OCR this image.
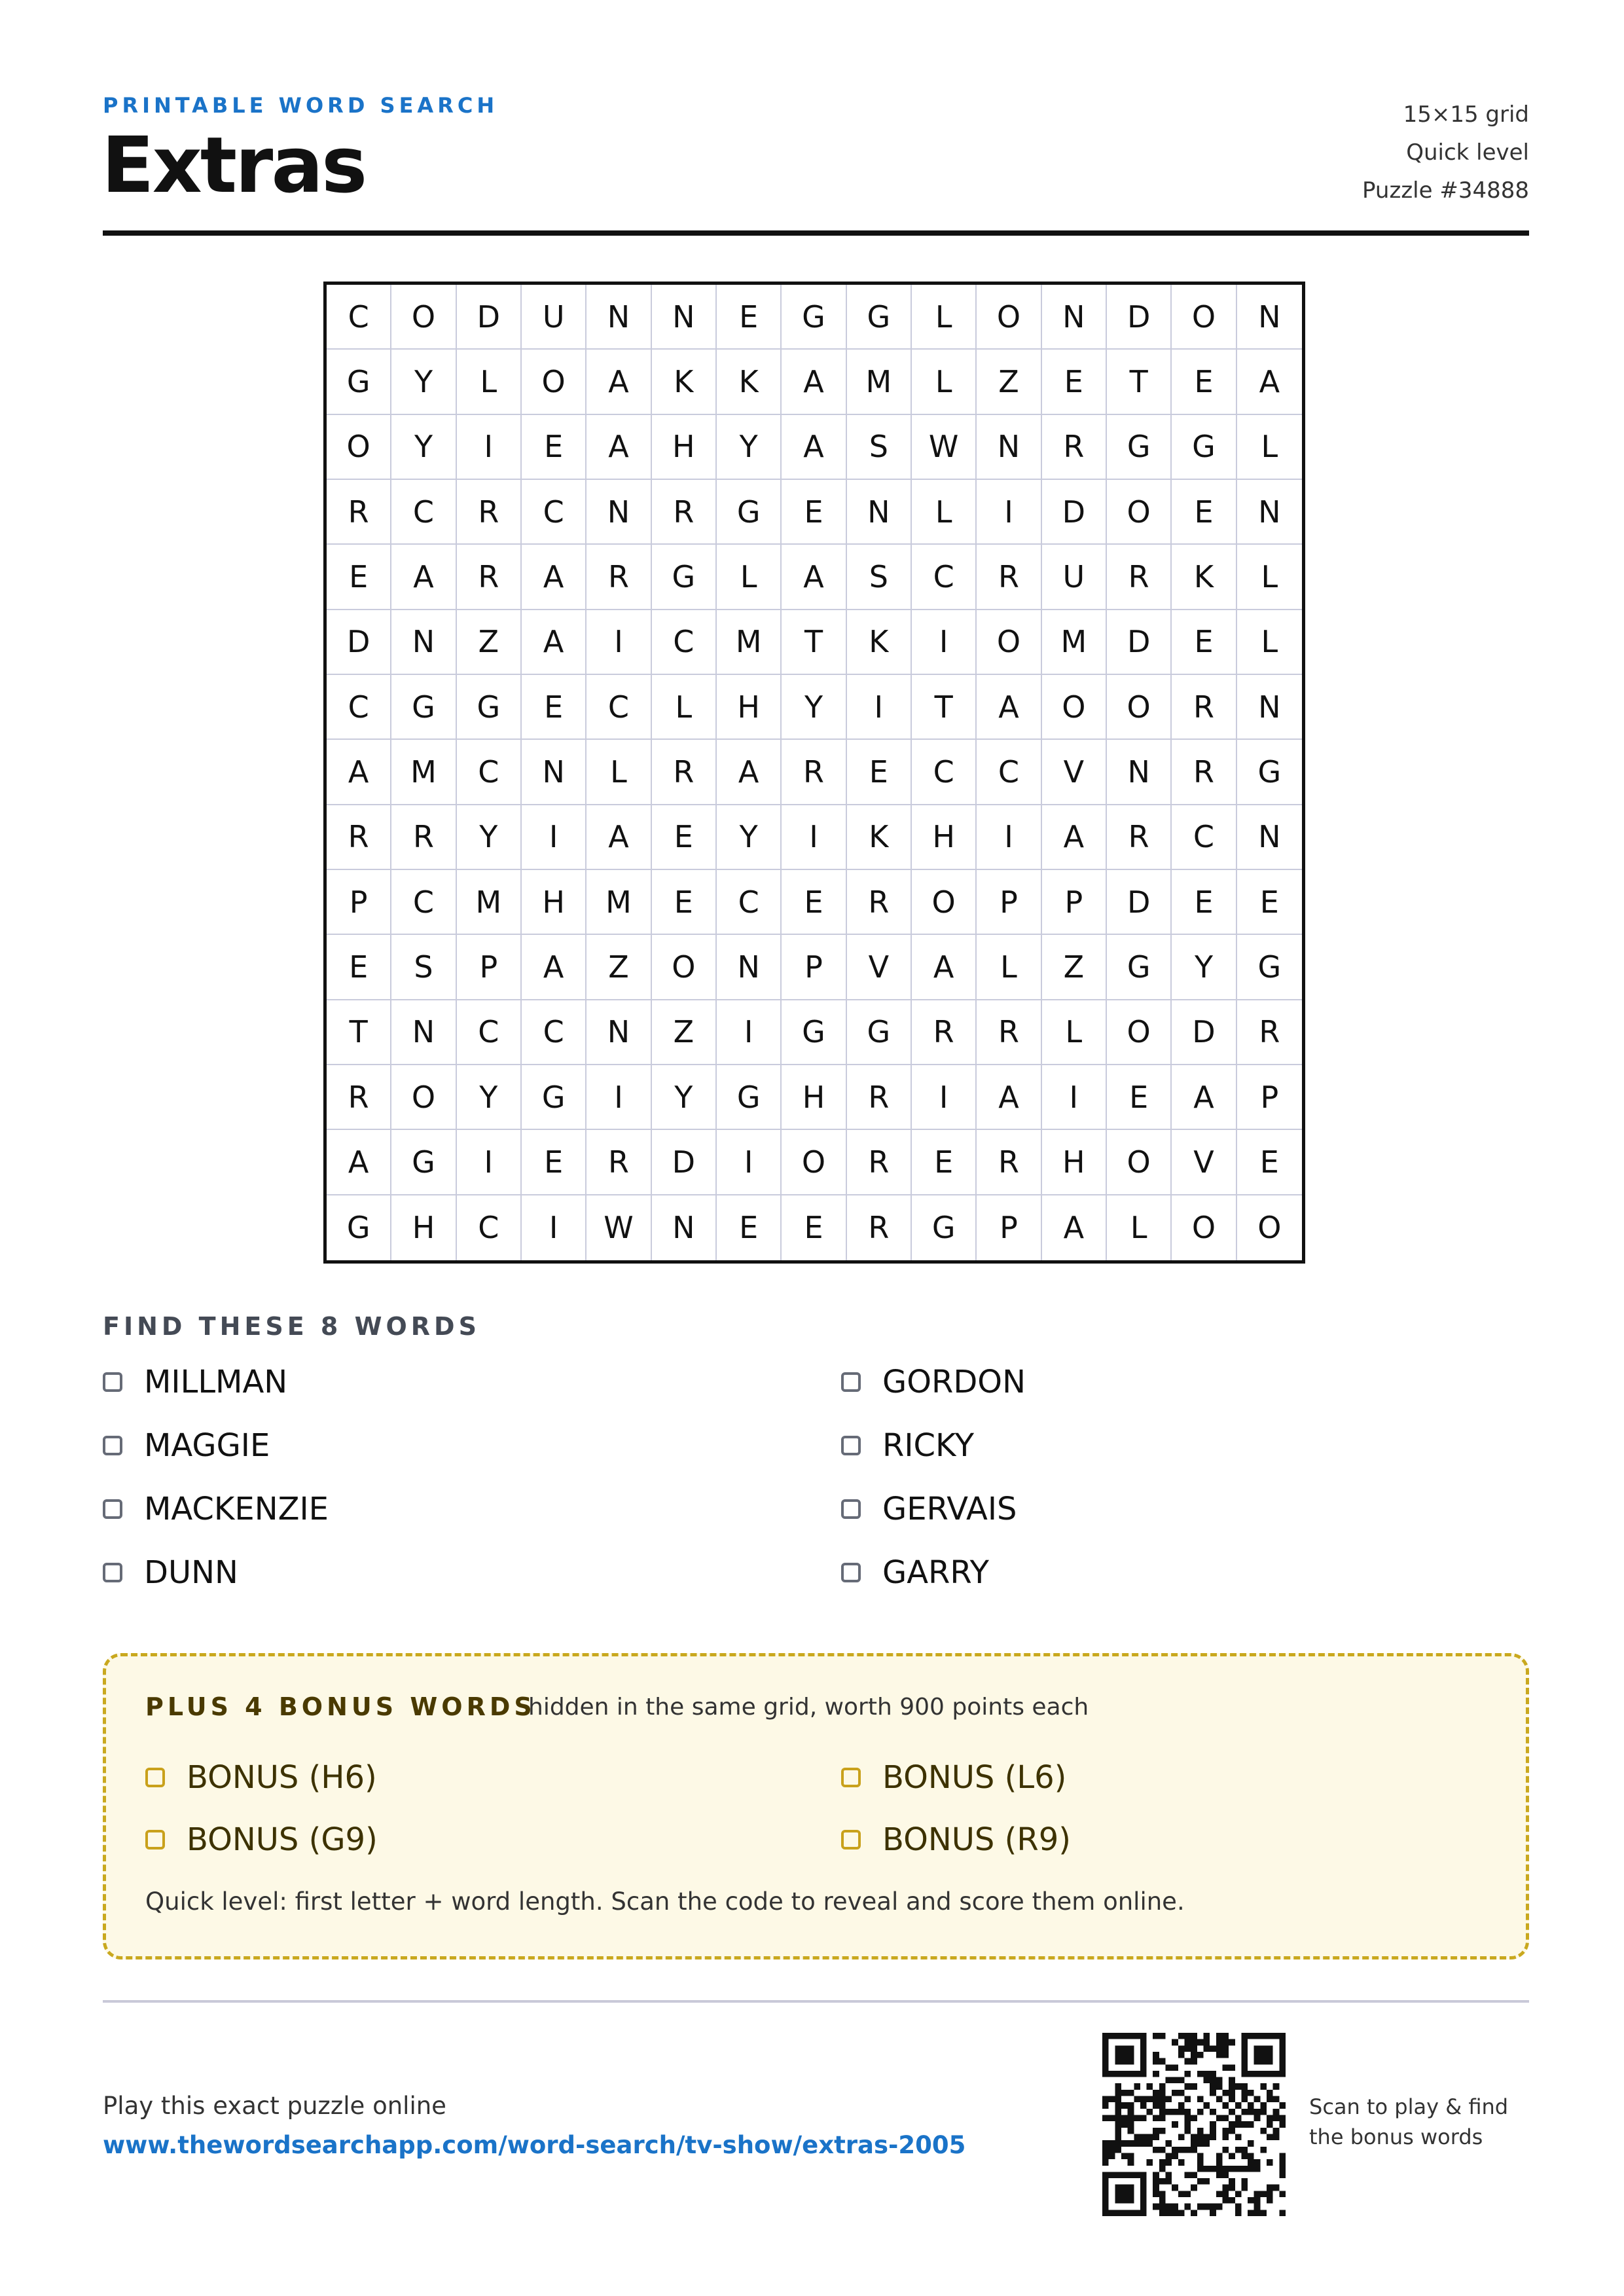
PRINTABLE WORD SEARCH
Extras
15×15 grid
Quick level
Puzzle #34888
C	O	D	U	N	N	E	G	G	L	O	N	D	O	N
G	Y	L	O	A	K	K	A	M	L	Z	E	T	E	A
O	Y	I	E	A	H	Y	A	S	W	N	R	G	G	L
R	C	R	C	N	R	G	E	N	L	I	D	O	E	N
E	A	R	A	R	G	L	A	S	C	R	U	R	K	L
D	N	Z	A	I	C	M	T	K	I	O	M	D	E	L
C	G	G	E	C	L	H	Y	I	T	A	O	O	R	N
A	M	C	N	L	R	A	R	E	C	C	V	N	R	G
R	R	Y	I	A	E	Y	I	K	H	I	A	R	C	N
P	C	M	H	M	E	C	E	R	O	P	P	D	E	E
E	S	P	A	Z	O	N	P	V	A	L	Z	G	Y	G
T	N	C	C	N	Z	I	G	G	R	R	L	O	D	R
R	O	Y	G	I	Y	G	H	R	I	A	I	E	A	P
A	G	I	E	R	D	I	O	R	E	R	H	O	V	E
G	H	C	I	W	N	E	E	R	G	P	A	L	O	O
FIND THESE 8 WORDS
MILLMAN	GORDON
MAGGIE	RICKY
MACKENZIE	GERVAIS
DUNN	GARRY
PLUS 4 BONUS WORDS
hidden in the same grid, worth 900 points each
BONUS (H6)	BONUS (L6)
BONUS (G9)	BONUS (R9)
Quick level: first letter + word length. Scan the code to reveal and score them online.
Play this exact puzzle online
www.thewordsearchapp.com/word-search/tv-show/extras-2005
Scan to play & find
the bonus words
